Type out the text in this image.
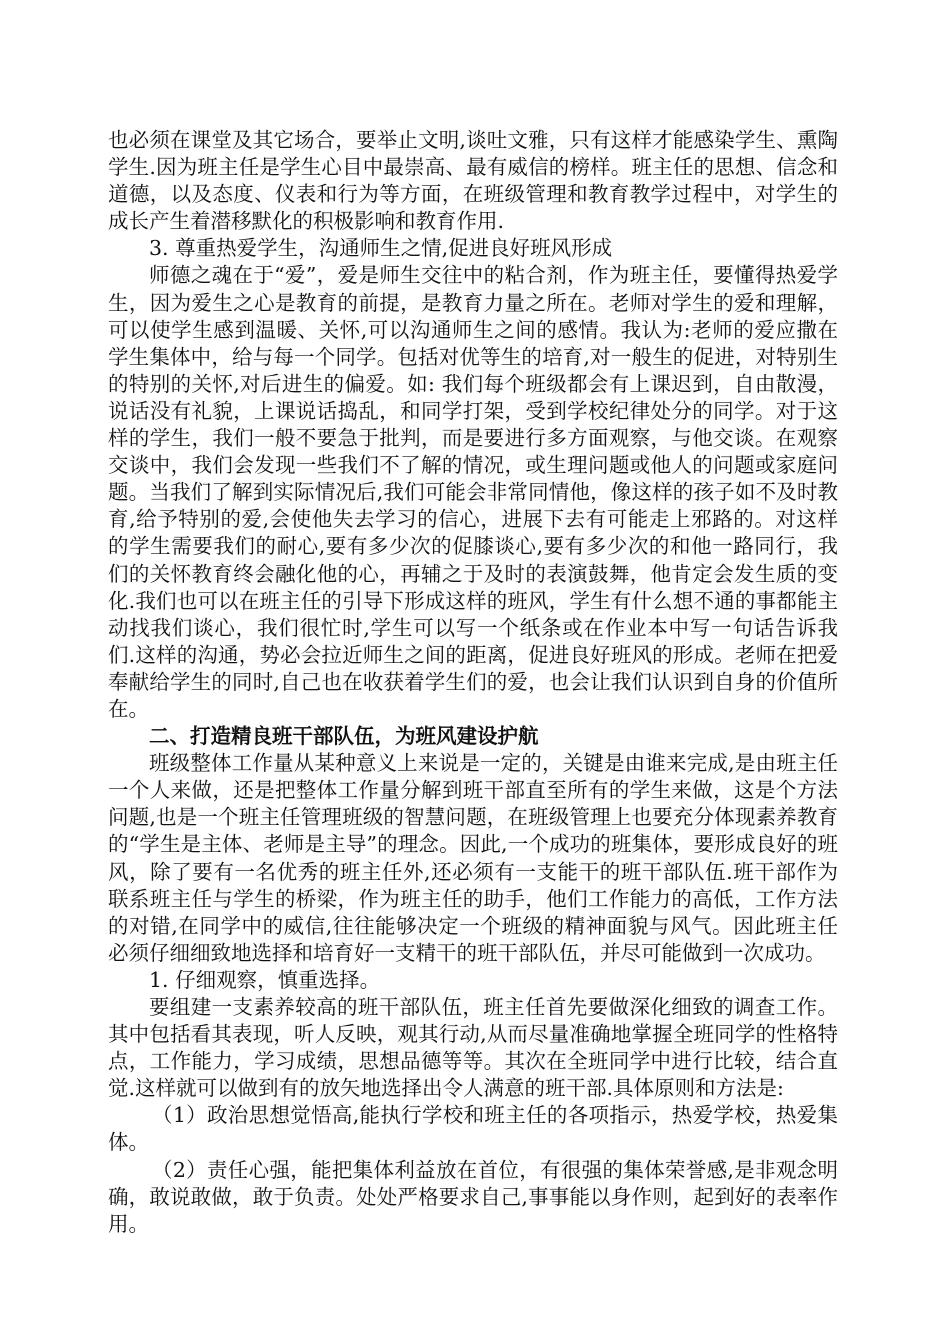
也必须在课堂及其它场合，要举止文明,谈吐文雅，只有这样才能感染学生、熏陶学生.因为班主任是学生心目中最崇高、最有威信的榜样。班主任的思想、信念和道德，以及态度、仪表和行为等方面，在班级管理和教育教学过程中，对学生的成长产生着潜移默化的积极影响和教育作用.

3. 尊重热爱学生，沟通师生之情,促进良好班风形成

师德之魂在于“爱”，爱是师生交往中的粘合剂，作为班主任，要懂得热爱学生，因为爱生之心是教育的前提，是教育力量之所在。老师对学生的爱和理解，可以使学生感到温暖、关怀,可以沟通师生之间的感情。我认为:老师的爱应撒在学生集体中，给与每一个同学。包括对优等生的培育,对一般生的促进，对特别生的特别的关怀,对后进生的偏爱。如: 我们每个班级都会有上课迟到，自由散漫，说话没有礼貌，上课说话捣乱，和同学打架，受到学校纪律处分的同学。对于这样的学生，我们一般不要急于批判，而是要进行多方面观察，与他交谈。在观察交谈中，我们会发现一些我们不了解的情况，或生理问题或他人的问题或家庭问题。当我们了解到实际情况后,我们可能会非常同情他，像这样的孩子如不及时教育,给予特别的爱,会使他失去学习的信心，进展下去有可能走上邪路的。对这样的学生需要我们的耐心,要有多少次的促膝谈心,要有多少次的和他一路同行，我们的关怀教育终会融化他的心，再辅之于及时的表演鼓舞，他肯定会发生质的变化.我们也可以在班主任的引导下形成这样的班风，学生有什么想不通的事都能主动找我们谈心，我们很忙时,学生可以写一个纸条或在作业本中写一句话告诉我们.这样的沟通，势必会拉近师生之间的距离，促进良好班风的形成。老师在把爱奉献给学生的同时,自己也在收获着学生们的爱，也会让我们认识到自身的价值所在。

二、打造精良班干部队伍，为班风建设护航

班级整体工作量从某种意义上来说是一定的，关键是由谁来完成,是由班主任一个人来做，还是把整体工作量分解到班干部直至所有的学生来做，这是个方法问题,也是一个班主任管理班级的智慧问题，在班级管理上也要充分体现素养教育的“学生是主体、老师是主导”的理念。因此,一个成功的班集体，要形成良好的班风，除了要有一名优秀的班主任外,还必须有一支能干的班干部队伍.班干部作为联系班主任与学生的桥梁，作为班主任的助手，他们工作能力的高低，工作方法的对错,在同学中的威信,往往能够决定一个班级的精神面貌与风气。因此班主任必须仔细细致地选择和培育好一支精干的班干部队伍，并尽可能做到一次成功。

1. 仔细观察，慎重选择。

要组建一支素养较高的班干部队伍，班主任首先要做深化细致的调查工作。其中包括看其表现，听人反映，观其行动,从而尽量准确地掌握全班同学的性格特点，工作能力，学习成绩，思想品德等等。其次在全班同学中进行比较，结合直觉.这样就可以做到有的放矢地选择出令人满意的班干部.具体原则和方法是:

（1）政治思想觉悟高,能执行学校和班主任的各项指示，热爱学校，热爱集体。

（2）责任心强，能把集体利益放在首位，有很强的集体荣誉感,是非观念明确，敢说敢做，敢于负责。处处严格要求自己,事事能以身作则，起到好的表率作用。
